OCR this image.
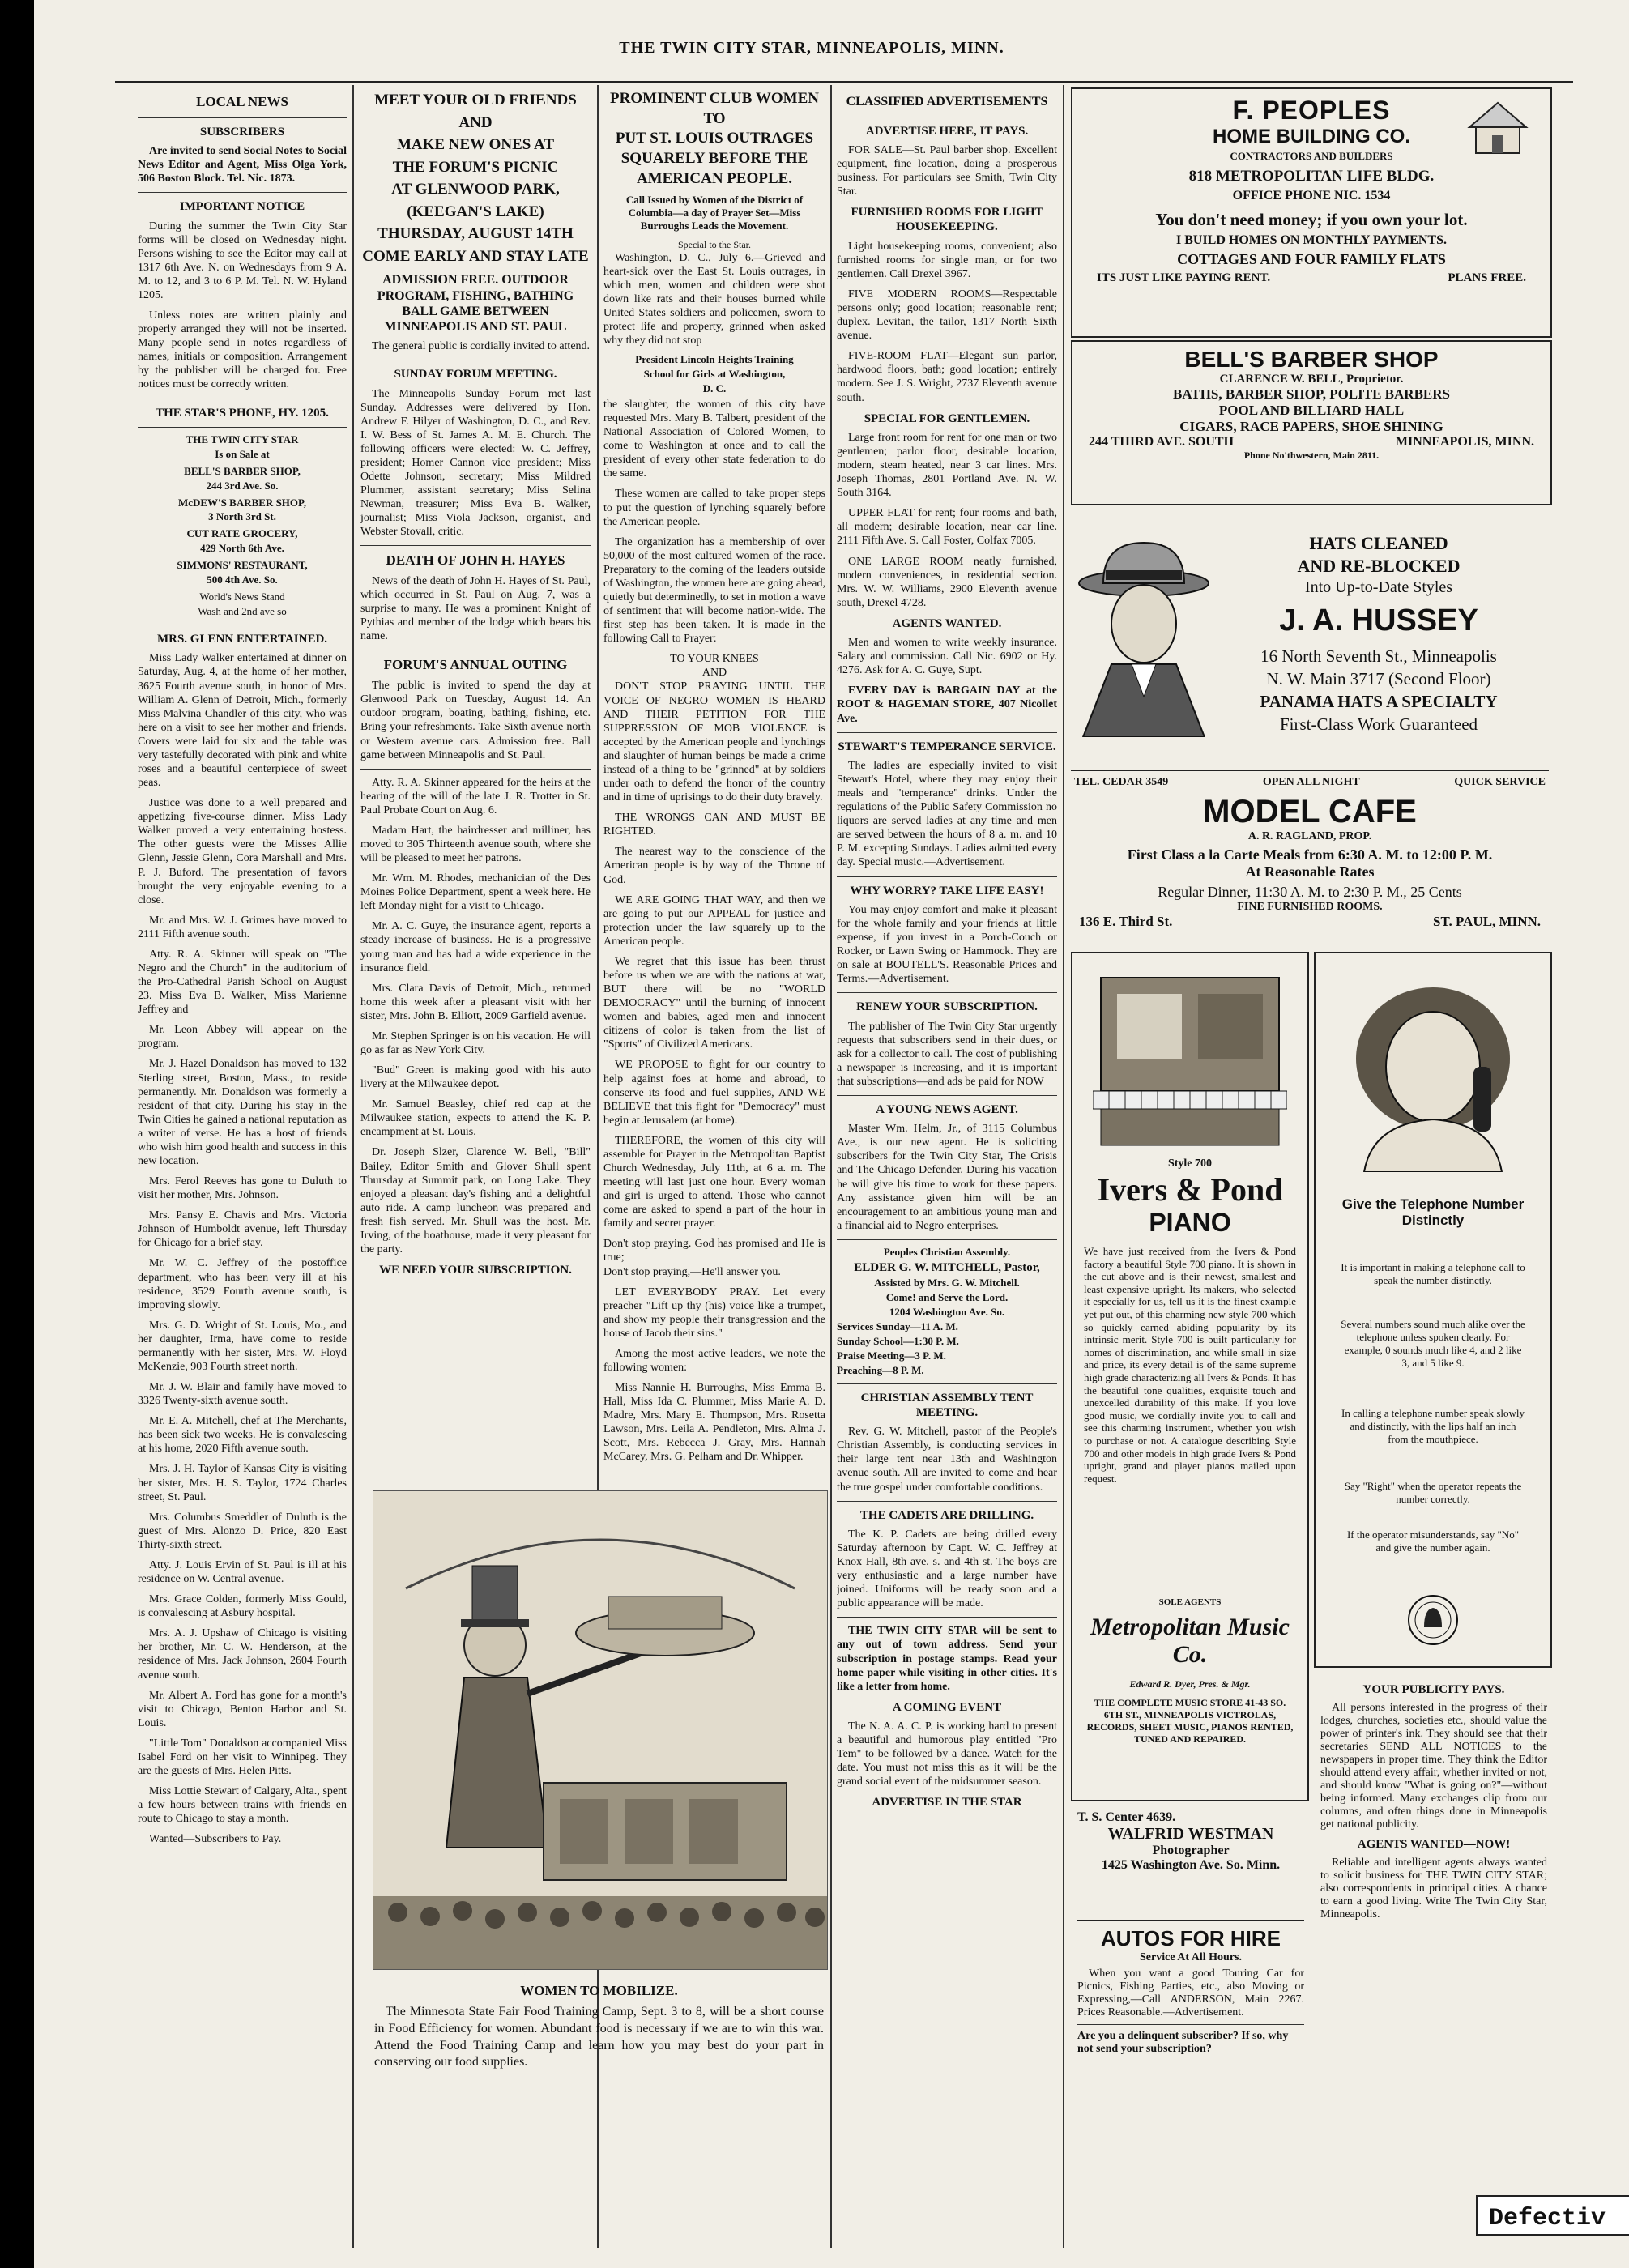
THE TWIN CITY STAR, MINNEAPOLIS, MINN.
LOCAL NEWS
SUBSCRIBERS

Are invited to send Social Notes to Social News Editor and Agent, Miss Olga York, 506 Boston Block. Tel. Nic. 1873.

IMPORTANT NOTICE

During the summer the Twin City Star forms will be closed on Wednesday night. Persons wishing to see the Editor may call at 1317 6th Ave. N. on Wednesdays from 9 A. M. to 12, and 3 to 6 P. M. Tel. N. W. Hyland 1205.

Unless notes are written plainly and properly arranged they will not be inserted. Many people send in notes regardless of names, initials or composition. Arrangement by the publisher will be charged for. Free notices must be correctly written.

THE STAR'S PHONE, HY. 1205.
THE TWIN CITY STAR
Is on Sale at
BELL'S BARBER SHOP,
244 3rd Ave. So.
McDEW'S BARBER SHOP,
3 North 3rd St.
CUT RATE GROCERY,
429 North 6th Ave.
SIMMONS' RESTAURANT,
500 4th Ave. So.
World's News Stand
Wash and 2nd ave so
MRS. GLENN ENTERTAINED.

Miss Lady Walker entertained at dinner on Saturday, Aug. 4, at the home of her mother, 3625 Fourth avenue south, in honor of Mrs. William A. Glenn of Detroit, Mich., formerly Miss Malvina Chandler of this city, who was here on a visit to see her mother and friends. Covers were laid for six and the table was very tastefully decorated with pink and white roses and a beautiful centerpiece of sweet peas.

Justice was done to a well prepared and appetizing five-course dinner. Miss Lady Walker proved a very entertaining hostess. The other guests were the Misses Allie Glenn, Jessie Glenn, Cora Marshall and Mrs. P. J. Buford. The presentation of favors brought the very enjoyable evening to a close.

Mr. and Mrs. W. J. Grimes have moved to 2111 Fifth avenue south.

Atty. R. A. Skinner will speak on "The Negro and the Church" in the auditorium of the Pro-Cathedral Parish School on August 23. Miss Eva B. Walker, Miss Marienne Jeffrey and

Mr. Leon Abbey will appear on the program.

Mr. J. Hazel Donaldson has moved to 132 Sterling street, Boston, Mass., to reside permanently. Mr. Donaldson was formerly a resident of that city. During his stay in the Twin Cities he gained a national reputation as a writer of verse. He has a host of friends who wish him good health and success in this new location.

Mrs. Ferol Reeves has gone to Duluth to visit her mother, Mrs. Johnson.

Mrs. Pansy E. Chavis and Mrs. Victoria Johnson of Humboldt avenue, left Thursday for Chicago for a brief stay.

Mr. W. C. Jeffrey of the postoffice department, who has been very ill at his residence, 3529 Fourth avenue south, is improving slowly.

Mrs. G. D. Wright of St. Louis, Mo., and her daughter, Irma, have come to reside permanently with her sister, Mrs. W. Floyd McKenzie, 903 Fourth street north.

Mr. J. W. Blair and family have moved to 3326 Twenty-sixth avenue south.

Mr. E. A. Mitchell, chef at The Merchants, has been sick two weeks. He is convalescing at his home, 2020 Fifth avenue south.

Mrs. J. H. Taylor of Kansas City is visiting her sister, Mrs. H. S. Taylor, 1724 Charles street, St. Paul.

Mrs. Columbus Smeddler of Duluth is the guest of Mrs. Alonzo D. Price, 820 East Thirty-sixth street.

Atty. J. Louis Ervin of St. Paul is ill at his residence on W. Central avenue.

Mrs. Grace Colden, formerly Miss Gould, is convalescing at Asbury hospital.

Mrs. A. J. Upshaw of Chicago is visiting her brother, Mr. C. W. Henderson, at the residence of Mrs. Jack Johnson, 2604 Fourth avenue south.

Mr. Albert A. Ford has gone for a month's visit to Chicago, Benton Harbor and St. Louis.

"Little Tom" Donaldson accompanied Miss Isabel Ford on her visit to Winnipeg. They are the guests of Mrs. Helen Pitts.

Miss Lottie Stewart of Calgary, Alta., spent a few hours between trains with friends en route to Chicago to stay a month.

Wanted—Subscribers to Pay.

MEET YOUR OLD FRIENDS AND
MAKE NEW ONES AT
THE FORUM'S PICNIC
AT GLENWOOD PARK,
(KEEGAN'S LAKE)
THURSDAY, AUGUST 14TH
COME EARLY AND STAY LATE
ADMISSION FREE. OUTDOOR PROGRAM, FISHING, BATHING BALL GAME BETWEEN MINNEAPOLIS AND ST. PAUL

The general public is cordially invited to attend.

SUNDAY FORUM MEETING.

The Minneapolis Sunday Forum met last Sunday. Addresses were delivered by Hon. Andrew F. Hilyer of Washington, D. C., and Rev. I. W. Bess of St. James A. M. E. Church. The following officers were elected: W. C. Jeffrey, president; Homer Cannon vice president; Miss Odette Johnson, secretary; Miss Mildred Plummer, assistant secretary; Miss Selina Newman, treasurer; Miss Eva B. Walker, journalist; Miss Viola Jackson, organist, and Webster Stovall, critic.

DEATH OF JOHN H. HAYES

News of the death of John H. Hayes of St. Paul, which occurred in St. Paul on Aug. 7, was a surprise to many. He was a prominent Knight of Pythias and member of the lodge which bears his name.

FORUM'S ANNUAL OUTING

The public is invited to spend the day at Glenwood Park on Tuesday, August 14. An outdoor program, boating, bathing, fishing, etc. Bring your refreshments. Take Sixth avenue north or Western avenue cars. Admission free. Ball game between Minneapolis and St. Paul.

Atty. R. A. Skinner appeared for the heirs at the hearing of the will of the late J. R. Trotter in St. Paul Probate Court on Aug. 6.

Madam Hart, the hairdresser and milliner, has moved to 305 Thirteenth avenue south, where she will be pleased to meet her patrons.

Mr. Wm. M. Rhodes, mechanician of the Des Moines Police Department, spent a week here. He left Monday night for a visit to Chicago.

Mr. A. C. Guye, the insurance agent, reports a steady increase of business. He is a progressive young man and has had a wide experience in the insurance field.

Mrs. Clara Davis of Detroit, Mich., returned home this week after a pleasant visit with her sister, Mrs. John B. Elliott, 2009 Garfield avenue.

Mr. Stephen Springer is on his vacation. He will go as far as New York City.

"Bud" Green is making good with his auto livery at the Milwaukee depot.

Mr. Samuel Beasley, chief red cap at the Milwaukee station, expects to attend the K. P. encampment at St. Louis.

Dr. Joseph Slzer, Clarence W. Bell, "Bill" Bailey, Editor Smith and Glover Shull spent Thursday at Summit park, on Long Lake. They enjoyed a pleasant day's fishing and a delightful auto ride. A camp luncheon was prepared and fresh fish served. Mr. Shull was the host. Mr. Irving, of the boathouse, made it very pleasant for the party.

WE NEED YOUR SUBSCRIPTION.
WOMEN TO MOBILIZE.

The Minnesota State Fair Food Training Camp, Sept. 3 to 8, will be a short course in Food Efficiency for women. Abundant food is necessary if we are to win this war. Attend the Food Training Camp and learn how you may best do your part in conserving our food supplies.

PROMINENT CLUB WOMEN TO
PUT ST. LOUIS OUTRAGES
SQUARELY BEFORE THE
AMERICAN PEOPLE.
Call Issued by Women of the District of Columbia—a day of Prayer Set—Miss Burroughs Leads the Movement.
Special to the Star.

Washington, D. C., July 6.—Grieved and heart-sick over the East St. Louis outrages, in which men, women and children were shot down like rats and their houses burned while United States soldiers and policemen, sworn to protect life and property, grinned when asked why they did not stop

President Lincoln Heights Training
School for Girls at Washington,
D. C.

the slaughter, the women of this city have requested Mrs. Mary B. Talbert, president of the National Association of Colored Women, to come to Washington at once and to call the president of every other state federation to do the same.

These women are called to take proper steps to put the question of lynching squarely before the American people.

The organization has a membership of over 50,000 of the most cultured women of the race. Preparatory to the coming of the leaders outside of Washington, the women here are going ahead, quietly but determinedly, to set in motion a wave of sentiment that will become nation-wide. The first step has been taken. It is made in the following Call to Prayer:

TO YOUR KNEES
AND

DON'T STOP PRAYING UNTIL THE VOICE OF NEGRO WOMEN IS HEARD AND THEIR PETITION FOR THE SUPPRESSION OF MOB VIOLENCE is accepted by the American people and lynchings and slaughter of human beings be made a crime instead of a thing to be "grinned" at by soldiers under oath to defend the honor of the country and in time of uprisings to do their duty bravely.

THE WRONGS CAN AND MUST BE RIGHTED.

The nearest way to the conscience of the American people is by way of the Throne of God.

WE ARE GOING THAT WAY, and then we are going to put our APPEAL for justice and protection under the law squarely up to the American people.

We regret that this issue has been thrust before us when we are with the nations at war, BUT there will be no "WORLD DEMOCRACY" until the burning of innocent women and babies, aged men and innocent citizens of color is taken from the list of "Sports" of Civilized Americans.

WE PROPOSE to fight for our country to help against foes at home and abroad, to conserve its food and fuel supplies, AND WE BELIEVE that this fight for "Democracy" must begin at Jerusalem (at home).

THEREFORE, the women of this city will assemble for Prayer in the Metropolitan Baptist Church Wednesday, July 11th, at 6 a. m. The meeting will last just one hour. Every woman and girl is urged to attend. Those who cannot come are asked to spend a part of the hour in family and secret prayer.

Don't stop praying. God has promised and He is true;

Don't stop praying,—He'll answer you.

LET EVERYBODY PRAY. Let every preacher "Lift up thy (his) voice like a trumpet, and show my people their transgression and the house of Jacob their sins."

Among the most active leaders, we note the following women:

Miss Nannie H. Burroughs, Miss Emma B. Hall, Miss Ida C. Plummer, Miss Marie A. D. Madre, Mrs. Mary E. Thompson, Mrs. Rosetta Lawson, Mrs. Leila A. Pendleton, Mrs. Alma J. Scott, Mrs. Rebecca J. Gray, Mrs. Hannah McCarey, Mrs. G. Pelham and Dr. Whipper.

CLASSIFIED ADVERTISEMENTS
ADVERTISE HERE, IT PAYS.

FOR SALE—St. Paul barber shop. Excellent equipment, fine location, doing a prosperous business. For particulars see Smith, Twin City Star.

FURNISHED ROOMS FOR LIGHT HOUSEKEEPING.

Light housekeeping rooms, convenient; also furnished rooms for single man, or for two gentlemen. Call Drexel 3967.

FIVE MODERN ROOMS—Respectable persons only; good location; reasonable rent; duplex. Levitan, the tailor, 1317 North Sixth avenue.

FIVE-ROOM FLAT—Elegant sun parlor, hardwood floors, bath; good location; entirely modern. See J. S. Wright, 2737 Eleventh avenue south.

SPECIAL FOR GENTLEMEN.

Large front room for rent for one man or two gentlemen; parlor floor, desirable location, modern, steam heated, near 3 car lines. Mrs. Joseph Thomas, 2801 Portland Ave. N. W. South 3164.

UPPER FLAT for rent; four rooms and bath, all modern; desirable location, near car line. 2111 Fifth Ave. S. Call Foster, Colfax 7005.

ONE LARGE ROOM neatly furnished, modern conveniences, in residential section. Mrs. W. W. Williams, 2900 Eleventh avenue south, Drexel 4728.

AGENTS WANTED.

Men and women to write weekly insurance. Salary and commission. Call Nic. 6902 or Hy. 4276. Ask for A. C. Guye, Supt.

EVERY DAY is BARGAIN DAY at the ROOT & HAGEMAN STORE, 407 Nicollet Ave.

STEWART'S TEMPERANCE SERVICE.

The ladies are especially invited to visit Stewart's Hotel, where they may enjoy their meals and "temperance" drinks. Under the regulations of the Public Safety Commission no liquors are served ladies at any time and men are served between the hours of 8 a. m. and 10 P. M. excepting Sundays. Ladies admitted every day. Special music.—Advertisement.

WHY WORRY? TAKE LIFE EASY!

You may enjoy comfort and make it pleasant for the whole family and your friends at little expense, if you invest in a Porch-Couch or Rocker, or Lawn Swing or Hammock. They are on sale at BOUTELL'S. Reasonable Prices and Terms.—Advertisement.

RENEW YOUR SUBSCRIPTION.

The publisher of The Twin City Star urgently requests that subscribers send in their dues, or ask for a collector to call. The cost of publishing a newspaper is increasing, and it is important that subscriptions—and ads be paid for NOW

A YOUNG NEWS AGENT.

Master Wm. Helm, Jr., of 3115 Columbus Ave., is our new agent. He is soliciting subscribers for the Twin City Star, The Crisis and The Chicago Defender. During his vacation he will give his time to work for these papers. Any assistance given him will be an encouragement to an ambitious young man and a financial aid to Negro enterprises.

Peoples Christian Assembly.
ELDER G. W. MITCHELL, Pastor,
Assisted by Mrs. G. W. Mitchell.
Come! and Serve the Lord.
1204 Washington Ave. So.
Services Sunday—11 A. M.
Sunday School—1:30 P. M.
Praise Meeting—3 P. M.
Preaching—8 P. M.
CHRISTIAN ASSEMBLY TENT MEETING.

Rev. G. W. Mitchell, pastor of the People's Christian Assembly, is conducting services in their large tent near 13th and Washington avenue south. All are invited to come and hear the true gospel under comfortable conditions.

THE CADETS ARE DRILLING.

The K. P. Cadets are being drilled every Saturday afternoon by Capt. W. C. Jeffrey at Knox Hall, 8th ave. s. and 4th st. The boys are very enthusiastic and a large number have joined. Uniforms will be ready soon and a public appearance will be made.

THE TWIN CITY STAR will be sent to any out of town address. Send your subscription in postage stamps. Read your home paper while visiting in other cities. It's like a letter from home.

A COMING EVENT

The N. A. A. C. P. is working hard to present a beautiful and humorous play entitled "Pro Tem" to be followed by a dance. Watch for the date. You must not miss this as it will be the grand social event of the midsummer season.

ADVERTISE IN THE STAR
F. PEOPLES
HOME BUILDING CO.
CONTRACTORS AND BUILDERS
818 METROPOLITAN LIFE BLDG.
OFFICE PHONE NIC. 1534
You don't need money; if you own your lot.
I BUILD HOMES ON MONTHLY PAYMENTS.
COTTAGES AND FOUR FAMILY FLATS
ITS JUST LIKE PAYING RENT.	PLANS FREE.
BELL'S BARBER SHOP
CLARENCE W. BELL, Proprietor.
BATHS, BARBER SHOP, POLITE BARBERS
POOL AND BILLIARD HALL
CIGARS, RACE PAPERS, SHOE SHINING
244 THIRD AVE. SOUTH	MINNEAPOLIS, MINN.
Phone No'thwestern, Main 2811.
HATS CLEANED
AND RE-BLOCKED
Into Up-to-Date Styles
J. A. HUSSEY
16 North Seventh St., Minneapolis
N. W. Main 3717 (Second Floor)
PANAMA HATS A SPECIALTY
First-Class Work Guaranteed
TEL. CEDAR 3549	OPEN ALL NIGHT	QUICK SERVICE
MODEL CAFE
A. R. RAGLAND, PROP.
First Class a la Carte Meals from 6:30 A. M. to 12:00 P. M.
At Reasonable Rates
Regular Dinner, 11:30 A. M. to 2:30 P. M., 25 Cents
FINE FURNISHED ROOMS.
136 E. Third St.	ST. PAUL, MINN.
Style 700
Ivers & Pond
PIANO

We have just received from the Ivers & Pond factory a beautiful Style 700 piano. It is shown in the cut above and is their newest, smallest and least expensive upright. Its makers, who selected it especially for us, tell us it is the finest example yet put out, of this charming new style 700 which so quickly earned abiding popularity by its intrinsic merit. Style 700 is built particularly for homes of discrimination, and while small in size and price, its every detail is of the same supreme high grade characterizing all Ivers & Ponds. It has the beautiful tone qualities, exquisite touch and unexcelled durability of this make. If you love good music, we cordially invite you to call and see this charming instrument, whether you wish to purchase or not. A catalogue describing Style 700 and other models in high grade Ivers & Pond upright, grand and player pianos mailed upon request.

SOLE AGENTS
Metropolitan Music Co.
Edward R. Dyer, Pres. & Mgr.
THE COMPLETE MUSIC STORE 41-43 SO. 6TH ST., MINNEAPOLIS VICTROLAS, RECORDS, SHEET MUSIC, PIANOS RENTED, TUNED AND REPAIRED.
Give the Telephone Number Distinctly

It is important in making a telephone call to speak the number distinctly.

Several numbers sound much alike over the telephone unless spoken clearly. For example, 0 sounds much like 4, and 2 like 3, and 5 like 9.

In calling a telephone number speak slowly and distinctly, with the lips half an inch from the mouthpiece.

Say "Right" when the operator repeats the number correctly.

If the operator misunderstands, say "No" and give the number again.

T. S. Center 4639.
WALFRID WESTMAN
Photographer
1425 Washington Ave. So. Minn.
AUTOS FOR HIRE
Service At All Hours.

When you want a good Touring Car for Picnics, Fishing Parties, etc., also Moving or Expressing,—Call ANDERSON, Main 2267. Prices Reasonable.—Advertisement.

Are you a delinquent subscriber? If so, why not send your subscription?

YOUR PUBLICITY PAYS.

All persons interested in the progress of their lodges, churches, societies etc., should value the power of printer's ink. They should see that their secretaries SEND ALL NOTICES to the newspapers in proper time. They think the Editor should attend every affair, whether invited or not, and should know "What is going on?"—without being informed. Many exchanges clip from our columns, and often things done in Minneapolis get national publicity.

AGENTS WANTED—NOW!

Reliable and intelligent agents always wanted to solicit business for THE TWIN CITY STAR; also correspondents in principal cities. A chance to earn a good living. Write The Twin City Star, Minneapolis.

Defectiv
